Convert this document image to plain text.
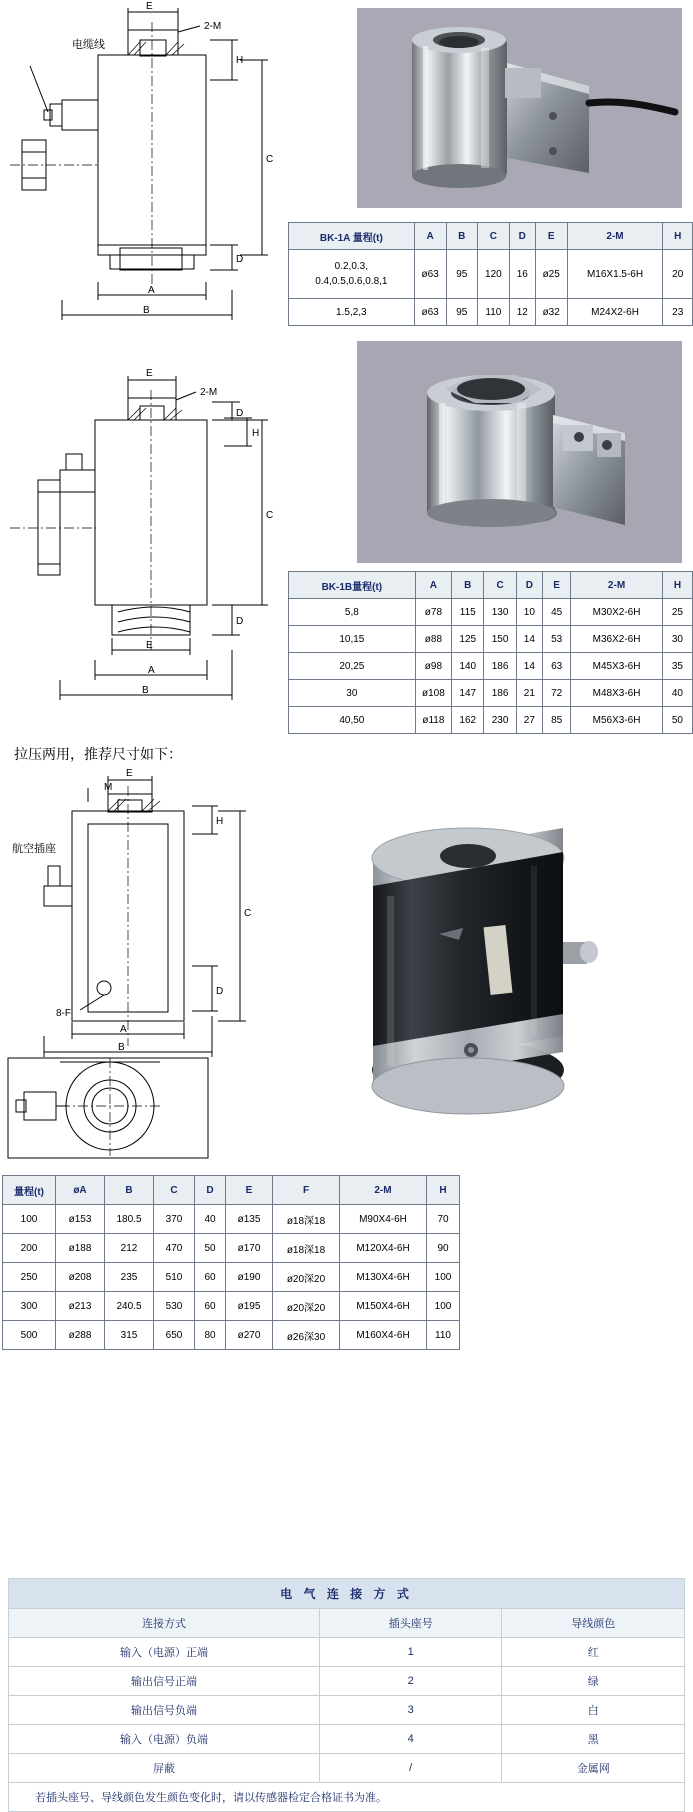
E
2-M
H
C
D
A
B
电缆线
BK-1A 量程(t)	A	B	C	D	E	2-M	H
0.2,0.3,
0.4,0.5,0.6,0.8,1	ø63	95	120	16	ø25	M16X1.5-6H	20
1.5,2,3	ø63	95	110	12	ø32	M24X2-6H	23
E
2-M
D
H
C
D
E
A
B
BK-1B量程(t)	A	B	C	D	E	2-M	H
5,8	ø78	115	130	10	45	M30X2-6H	25
10,15	ø88	125	150	14	53	M36X2-6H	30
20,25	ø98	140	186	14	63	M45X3-6H	35
30	ø108	147	186	21	72	M48X3-6H	40
40,50	ø118	162	230	27	85	M56X3-6H	50
拉压两用，推荐尺寸如下：
E
M
H
C
D
A
B
8-F
航空插座
量程(t)	øA	B	C	D	E	F	2-M	H
100	ø153	180.5	370	40	ø135	ø18深18	M90X4-6H	70
200	ø188	212	470	50	ø170	ø18深18	M120X4-6H	90
250	ø208	235	510	60	ø190	ø20深20	M130X4-6H	100
300	ø213	240.5	530	60	ø195	ø20深20	M150X4-6H	100
500	ø288	315	650	80	ø270	ø26深30	M160X4-6H	110
电 气 连 接 方 式		
连接方式	插头座号	导线颜色
输入（电源）正端	1	红
输出信号正端	2	绿
输出信号负端	3	白
输入（电源）负端	4	黑
屏蔽	/	金属网
若插头座号、导线颜色发生颜色变化时，请以传感器检定合格证书为准。		
